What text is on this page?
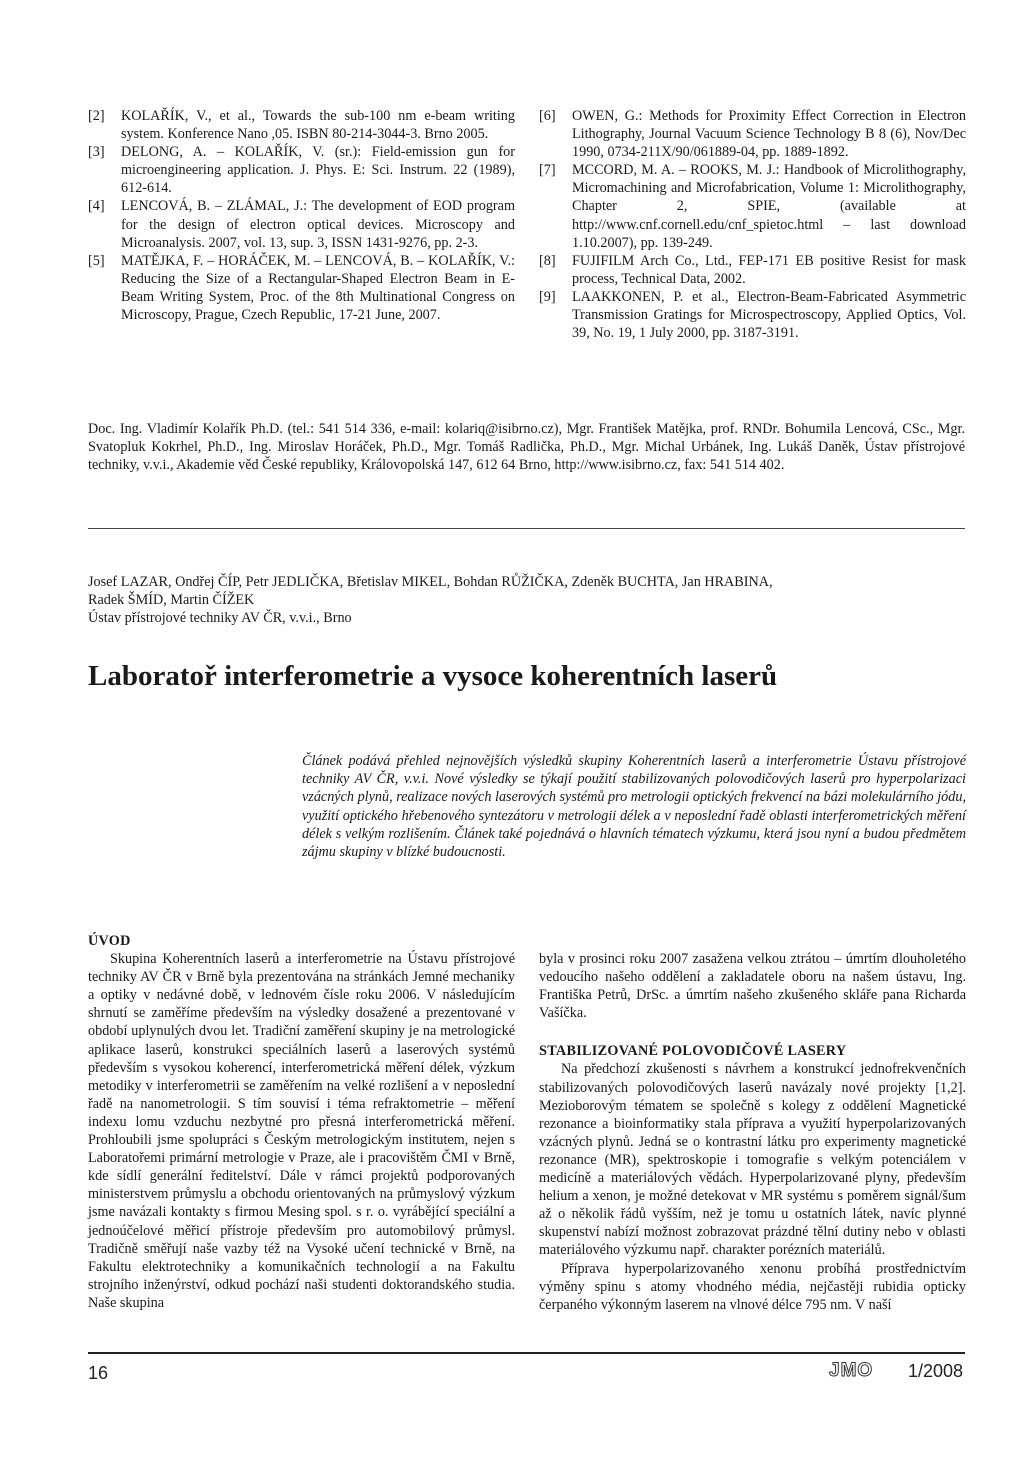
[2]	KOLAŘÍK, V., et al., Towards the sub-100 nm e-beam writing system. Konference Nano ,05. ISBN 80-214-3044-3. Brno 2005.
[3]	DELONG, A. – KOLAŘÍK, V. (sr.): Field-emission gun for microengineering application. J. Phys. E: Sci. Instrum. 22 (1989), 612-614.
[4]	LENCOVÁ, B. – ZLÁMAL, J.: The development of EOD program for the design of electron optical devices. Microscopy and Microanalysis. 2007, vol. 13, sup. 3, ISSN 1431-9276, pp. 2-3.
[5]	MATĚJKA, F. – HORÁČEK, M. – LENCOVÁ, B. – KOLAŘÍK, V.: Reducing the Size of a Rectangular-Shaped Electron Beam in E-Beam Writing System, Proc. of the 8th Multinational Congress on Microscopy, Prague, Czech Republic, 17-21 June, 2007.
[6]	OWEN, G.: Methods for Proximity Effect Correction in Electron Lithography, Journal Vacuum Science Technology B 8 (6), Nov/Dec 1990, 0734-211X/90/061889-04, pp. 1889-1892.
[7]	MCCORD, M. A. – ROOKS, M. J.: Handbook of Microlithography, Micromachining and Microfabrication, Volume 1: Microlithography, Chapter 2, SPIE, (available at http://www.cnf.cornell.edu/cnf_spietoc.html – last download 1.10.2007), pp. 139-249.
[8]	FUJIFILM Arch Co., Ltd., FEP-171 EB positive Resist for mask process, Technical Data, 2002.
[9]	LAAKKONEN, P. et al., Electron-Beam-Fabricated Asymmetric Transmission Gratings for Microspectroscopy, Applied Optics, Vol. 39, No. 19, 1 July 2000, pp. 3187-3191.
Doc. Ing. Vladimír Kolařík Ph.D. (tel.: 541 514 336, e-mail: kolariq@isibrno.cz), Mgr. František Matějka, prof. RNDr. Bohumila Lencová, CSc., Mgr. Svatopluk Kokrhel, Ph.D., Ing. Miroslav Horáček, Ph.D., Mgr. Tomáš Radlička, Ph.D., Mgr. Michal Urbánek, Ing. Lukáš Daněk, Ústav přístrojové techniky, v.v.i., Akademie věd České republiky, Královopolská 147, 612 64 Brno, http://www.isibrno.cz, fax: 541 514 402.
Josef LAZAR, Ondřej ČÍP, Petr JEDLIČKA, Břetislav MIKEL, Bohdan RŮŽIČKA, Zdeněk BUCHTA, Jan HRABINA,
Radek ŠMÍD, Martin ČÍŽEK
Ústav přístrojové techniky AV ČR, v.v.i., Brno
Laboratoř interferometrie a vysoce koherentních laserů
Článek podává přehled nejnovějších výsledků skupiny Koherentních laserů a interferometrie Ústavu přístrojové techniky AV ČR, v.v.i. Nové výsledky se týkají použití stabilizovaných polovodičových laserů pro hyperpolarizaci vzácných plynů, realizace nových laserových systémů pro metrologii optických frekvencí na bázi molekulárního jódu, využití optického hřebenového syntezátoru v metrologii délek a v neposlední řadě oblasti interferometrických měření délek s velkým rozlišením. Článek také pojednává o hlavních tématech výzkumu, která jsou nyní a budou předmětem zájmu skupiny v blízké budoucnosti.

ÚVOD

Skupina Koherentních laserů a interferometrie na Ústavu přístrojové techniky AV ČR v Brně byla prezentována na stránkách Jemné mechaniky a optiky v nedávné době, v lednovém čísle roku 2006. V následujícím shrnutí se zaměříme především na výsledky dosažené a prezentované v období uplynulých dvou let. Tradiční zaměření skupiny je na metrologické aplikace laserů, konstrukci speciálních laserů a laserových systémů především s vysokou koherencí, interferometrická měření délek, výzkum metodiky v interferometrii se zaměřením na velké rozlišení a v neposlední řadě na nanometrologii. S tím souvisí i téma refraktometrie – měření indexu lomu vzduchu nezbytné pro přesná interferometrická měření. Prohloubili jsme spolupráci s Českým metrologickým institutem, nejen s Laboratořemi primární metrologie v Praze, ale i pracovištěm ČMI v Brně, kde sídlí generální ředitelství. Dále v rámci projektů podporovaných ministerstvem průmyslu a obchodu orientovaných na průmyslový výzkum jsme navázali kontakty s firmou Mesing spol. s r. o. vyrábějící speciální a jednoúčelové měřicí přístroje především pro automobilový průmysl. Tradičně směřují naše vazby též na Vysoké učení technické v Brně, na Fakultu elektrotechniky a komunikačních technologií a na Fakultu strojního inženýrství, odkud pochází naši studenti doktorandského studia. Naše skupina

byla v prosinci roku 2007 zasažena velkou ztrátou – úmrtím dlouholetého vedoucího našeho oddělení a zakladatele oboru na našem ústavu, Ing. Františka Petrů, DrSc. a úmrtím našeho zkušeného skláře pana Richarda Vašíčka.

STABILIZOVANÉ POLOVODIČOVÉ LASERY

Na předchozí zkušenosti s návrhem a konstrukcí jednofrekvenčních stabilizovaných polovodičových laserů navázaly nové projekty [1,2]. Mezioborovým tématem se společně s kolegy z oddělení Magnetické rezonance a bioinformatiky stala příprava a využití hyperpolarizovaných vzácných plynů. Jedná se o kontrastní látku pro experimenty magnetické rezonance (MR), spektroskopie i tomografie s velkým potenciálem v medicíně a materiálových vědách. Hyperpolarizované plyny, především helium a xenon, je možné detekovat v MR systému s poměrem signál/šum až o několik řádů vyšším, než je tomu u ostatních látek, navíc plynné skupenství nabízí možnost zobrazovat prázdné tělní dutiny nebo v oblasti materiálového výzkumu např. charakter porézních materiálů.

Příprava hyperpolarizovaného xenonu probíhá prostřednictvím výměny spinu s atomy vhodného média, nejčastěji rubidia opticky čerpaného výkonným laserem na vlnové délce 795 nm. V naší

16	JMO 1/2008
